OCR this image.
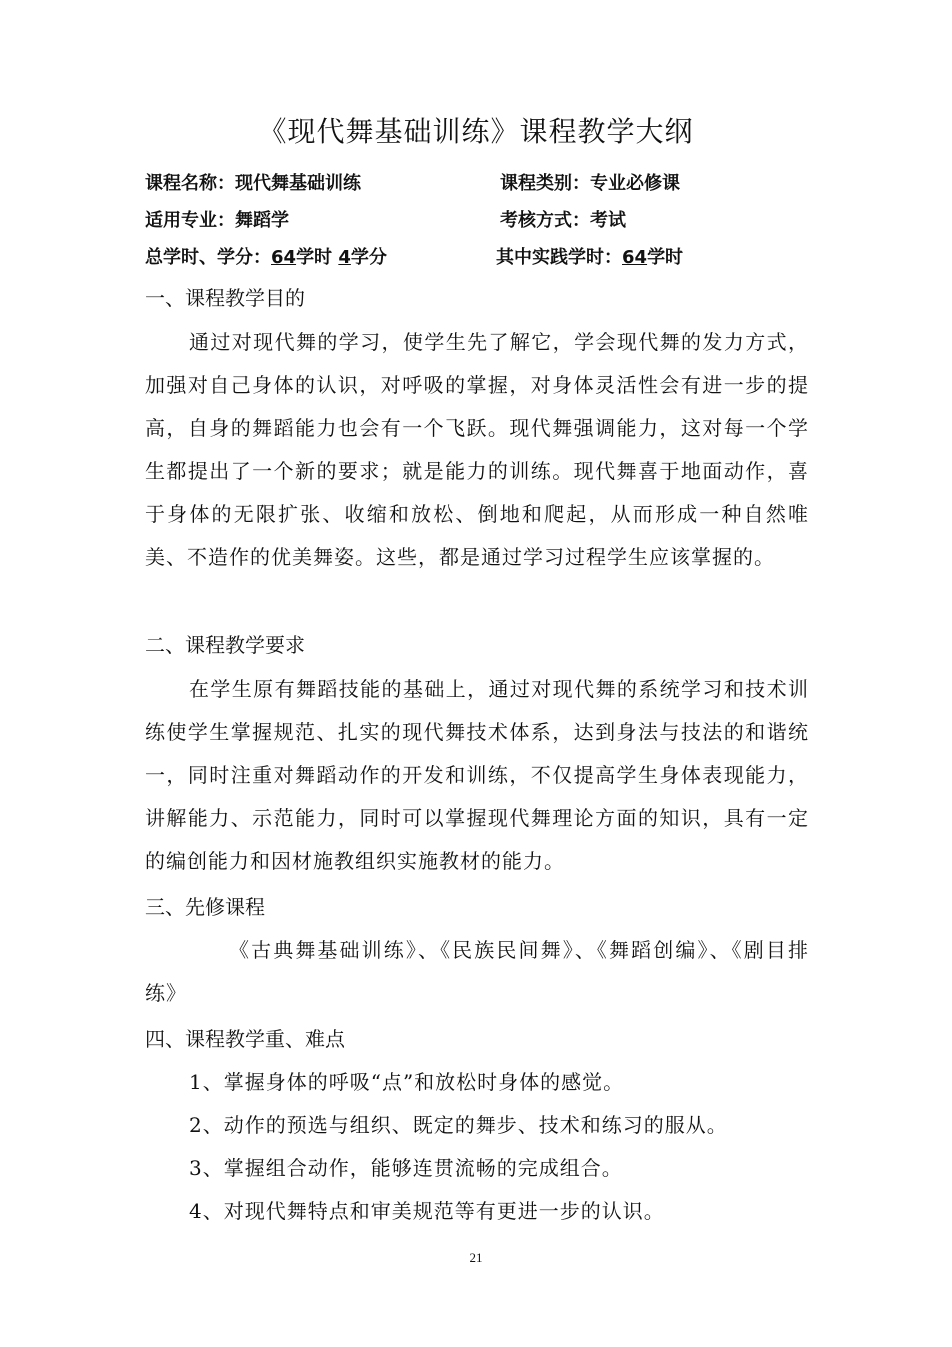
《现代舞基础训练》课程教学大纲
课程名称：现代舞基础训练	课程类别：专业必修课
适用专业：舞蹈学	考核方式：考试
总学时、学分：64学时 4学分	其中实践学时：64学时
一、课程教学目的
通过对现代舞的学习，使学生先了解它，学会现代舞的发力方式，加强对自己身体的认识，对呼吸的掌握，对身体灵活性会有进一步的提高，自身的舞蹈能力也会有一个飞跃。现代舞强调能力，这对每一个学生都提出了一个新的要求；就是能力的训练。现代舞喜于地面动作，喜于身体的无限扩张、收缩和放松、倒地和爬起，从而形成一种自然唯美、不造作的优美舞姿。这些，都是通过学习过程学生应该掌握的。
二、课程教学要求
在学生原有舞蹈技能的基础上，通过对现代舞的系统学习和技术训练使学生掌握规范、扎实的现代舞技术体系，达到身法与技法的和谐统一，同时注重对舞蹈动作的开发和训练，不仅提高学生身体表现能力，讲解能力、示范能力，同时可以掌握现代舞理论方面的知识，具有一定的编创能力和因材施教组织实施教材的能力。
三、先修课程
《古典舞基础训练》、《民族民间舞》、《舞蹈创编》、《剧目排练》
四、课程教学重、难点
1、掌握身体的呼吸“点”和放松时身体的感觉。
2、动作的预选与组织、既定的舞步、技术和练习的服从。
3、掌握组合动作，能够连贯流畅的完成组合。
4、对现代舞特点和审美规范等有更进一步的认识。
21
